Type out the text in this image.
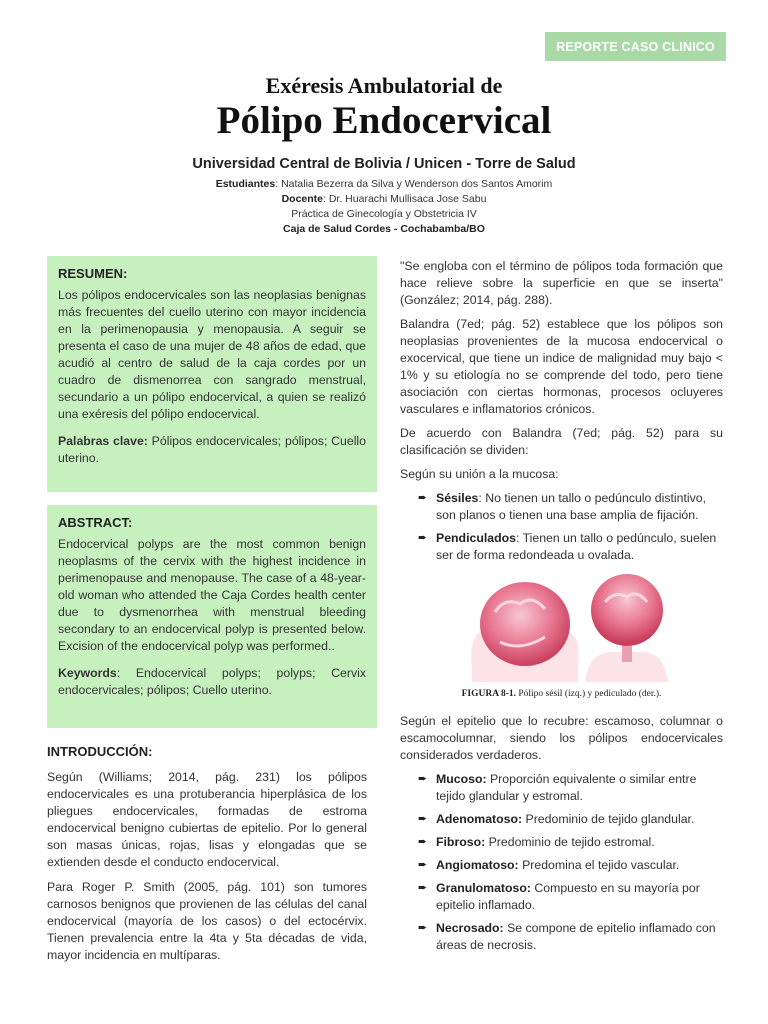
REPORTE CASO CLINICO
Exéresis Ambulatorial de
Pólipo Endocervical
Universidad Central de Bolivia / Unicen - Torre de Salud
Estudiantes: Natalia Bezerra da Silva y Wenderson dos Santos Amorim
Docente: Dr. Huarachi Mullisaca Jose Sabu
Práctica de Ginecología y Obstetricia IV
Caja de Salud Cordes - Cochabamba/BO
RESUMEN:

Los pólipos endocervicales son las neoplasias benignas más frecuentes del cuello uterino con mayor incidencia en la perimenopausia y menopausia. A seguir se presenta el caso de una mujer de 48 años de edad, que acudió al centro de salud de la caja cordes por un cuadro de dismenorrea con sangrado menstrual, secundario a un pólipo endocervical, a quien se realizó una exéresis del pólipo endocervical.

Palabras clave: Pólipos endocervicales; pólipos; Cuello uterino.

ABSTRACT:

Endocervical polyps are the most common benign neoplasms of the cervix with the highest incidence in perimenopause and menopause. The case of a 48-year-old woman who attended the Caja Cordes health center due to dysmenorrhea with menstrual bleeding secondary to an endocervical polyp is presented below. Excision of the endocervical polyp was performed..

Keywords: Endocervical polyps; polyps; Cervix endocervicales; pólipos; Cuello uterino.

INTRODUCCIÓN:

Según (Williams; 2014, pág. 231) los pólipos endocervicales es una protuberancia hiperplásica de los pliegues endocervicales, formadas de estroma endocervical benigno cubiertas de epitelio. Por lo general son masas únicas, rojas, lisas y elongadas que se extienden desde el conducto endocervical.

Para Roger P. Smith (2005, pág. 101) son tumores carnosos benignos que provienen de las células del canal endocervical (mayoría de los casos) o del ectocérvix. Tienen prevalencia entre la 4ta y 5ta décadas de vida, mayor incidencia en multíparas.

"Se engloba con el término de pólipos toda formación que hace relieve sobre la superficie en que se inserta" (González; 2014, pág. 288).

Balandra (7ed; pág. 52) establece que los pólipos son neoplasias provenientes de la mucosa endocervical o exocervical, que tiene un indice de malignidad muy bajo < 1% y su etiología no se comprende del todo, pero tiene asociación con ciertas hormonas, procesos ocluyeres vasculares e inflamatorios crónicos.

De acuerdo con Balandra (7ed; pág. 52) para su clasificación se dividen:

Según su unión a la mucosa:

➨ Sésiles: No tienen un tallo o pedúnculo distintivo, son planos o tienen una base amplia de fijación.
➨ Pendiculados: Tienen un tallo o pedúnculo, suelen ser de forma redondeada u ovalada.
FIGURA 8-1. Pólipo sésil (izq.) y pediculado (der.).

Según el epitelio que lo recubre: escamoso, columnar o escamocolumnar, siendo los pólipos endocervicales considerados verdaderos.

➨ Mucoso: Proporción equivalente o similar entre tejido glandular y estromal.
➨ Adenomatoso: Predominio de tejido glandular.
➨ Fibroso: Predominio de tejido estromal.
➨ Angiomatoso: Predomina el tejido vascular.
➨ Granulomatoso: Compuesto en su mayoría por epitelio inflamado.
➨ Necrosado: Se compone de epitelio inflamado con áreas de necrosis.
